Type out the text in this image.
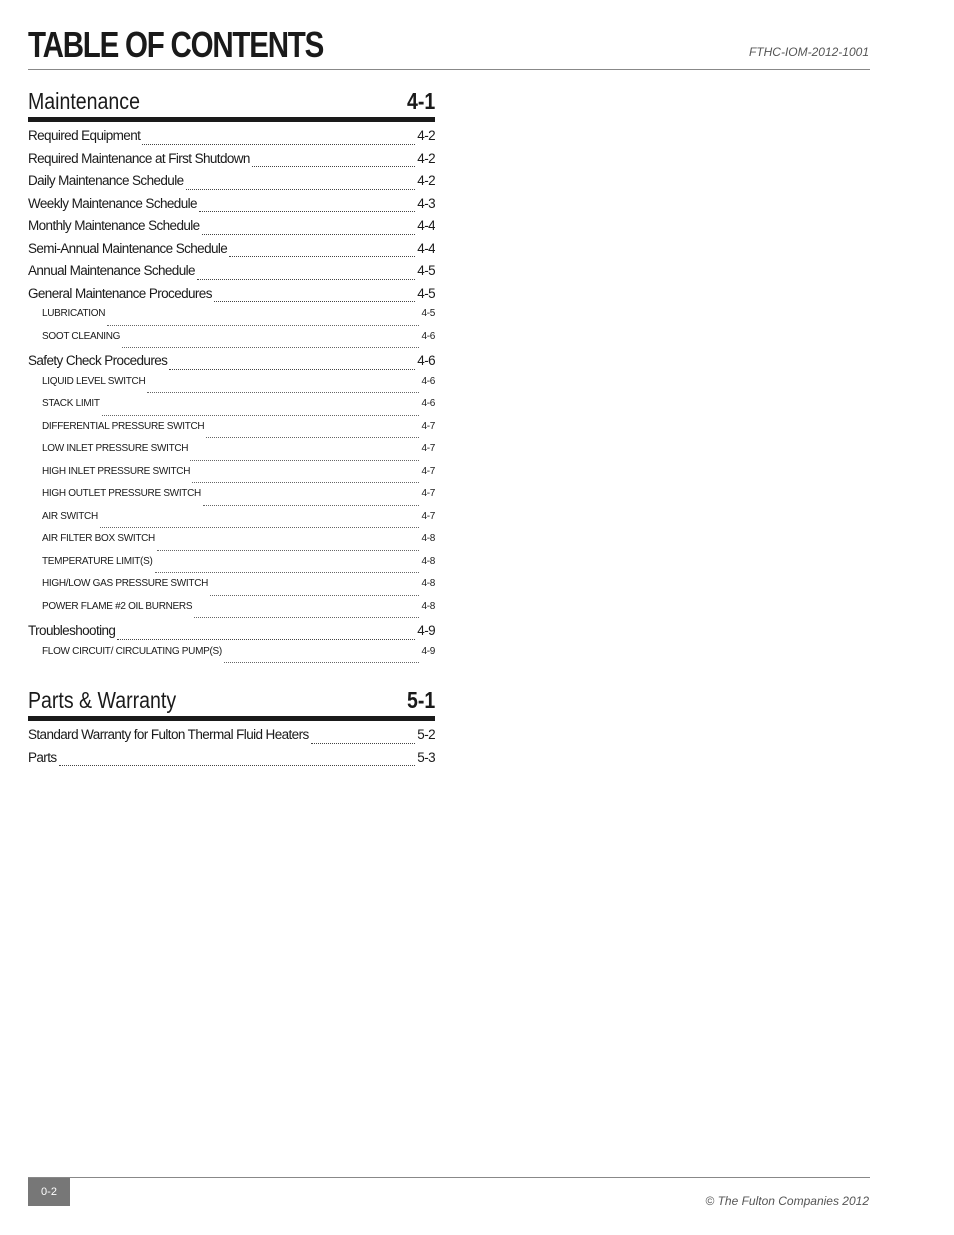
TABLE OF CONTENTS	FTHC-IOM-2012-1001
Maintenance	4-1
Required Equipment	4-2
Required Maintenance at First Shutdown	4-2
Daily Maintenance Schedule	4-2
Weekly Maintenance Schedule	4-3
Monthly Maintenance Schedule	4-4
Semi-Annual Maintenance Schedule	4-4
Annual Maintenance Schedule	4-5
General Maintenance Procedures	4-5
LUBRICATION	4-5
SOOT CLEANING	4-6
Safety Check Procedures	4-6
LIQUID LEVEL SWITCH	4-6
STACK LIMIT	4-6
DIFFERENTIAL PRESSURE SWITCH	4-7
LOW INLET PRESSURE SWITCH	4-7
HIGH INLET PRESSURE SWITCH	4-7
HIGH OUTLET PRESSURE SWITCH	4-7
AIR SWITCH	4-7
AIR FILTER BOX SWITCH	4-8
TEMPERATURE LIMIT(S)	4-8
HIGH/LOW GAS PRESSURE SWITCH	4-8
POWER FLAME #2 OIL BURNERS	4-8
Troubleshooting	4-9
FLOW CIRCUIT/ CIRCULATING PUMP(S)	4-9
Parts & Warranty	5-1
Standard Warranty for Fulton Thermal Fluid Heaters	5-2
Parts	5-3
0-2
© The Fulton Companies 2012
